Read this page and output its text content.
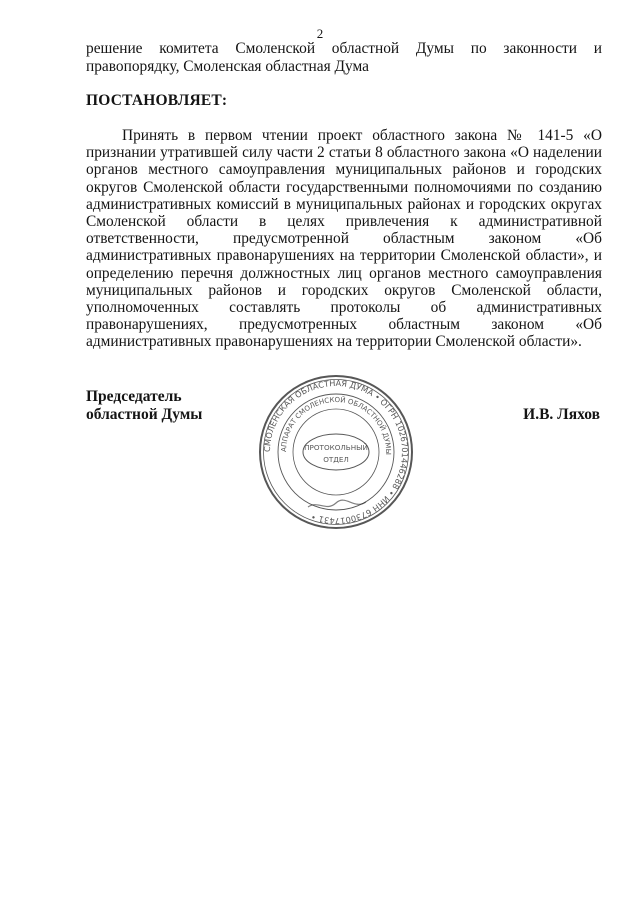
2
решение комитета Смоленской областной Думы по законности и
правопорядку, Смоленская областная Дума
ПОСТАНОВЛЯЕТ:

Принять в первом чтении проект областного закона № 141-5 «О признании утратившей силу части 2 статьи 8 областного закона «О наделении органов местного самоуправления муниципальных районов и городских округов Смоленской области государственными полномочиями по созданию административных комиссий в муниципальных районах и городских округах Смоленской области в целях привлечения к административной ответственности, предусмотренной областным законом «Об административных правонарушениях на территории Смоленской области», и определению перечня должностных лиц органов местного самоуправления муниципальных районов и городских округов Смоленской области, уполномоченных составлять протоколы об административных правонарушениях, предусмотренных областным законом «Об административных правонарушениях на территории Смоленской области».

Председатель
областной Думы	И.В. Ляхов
СМОЛЕНСКАЯ ОБЛАСТНАЯ ДУМА • ОГРН 1026701446288 • ИНН 6730017431 •
АППАРАТ СМОЛЕНСКОЙ ОБЛАСТНОЙ ДУМЫ
ПРОТОКОЛЬНЫЙ
ОТДЕЛ
